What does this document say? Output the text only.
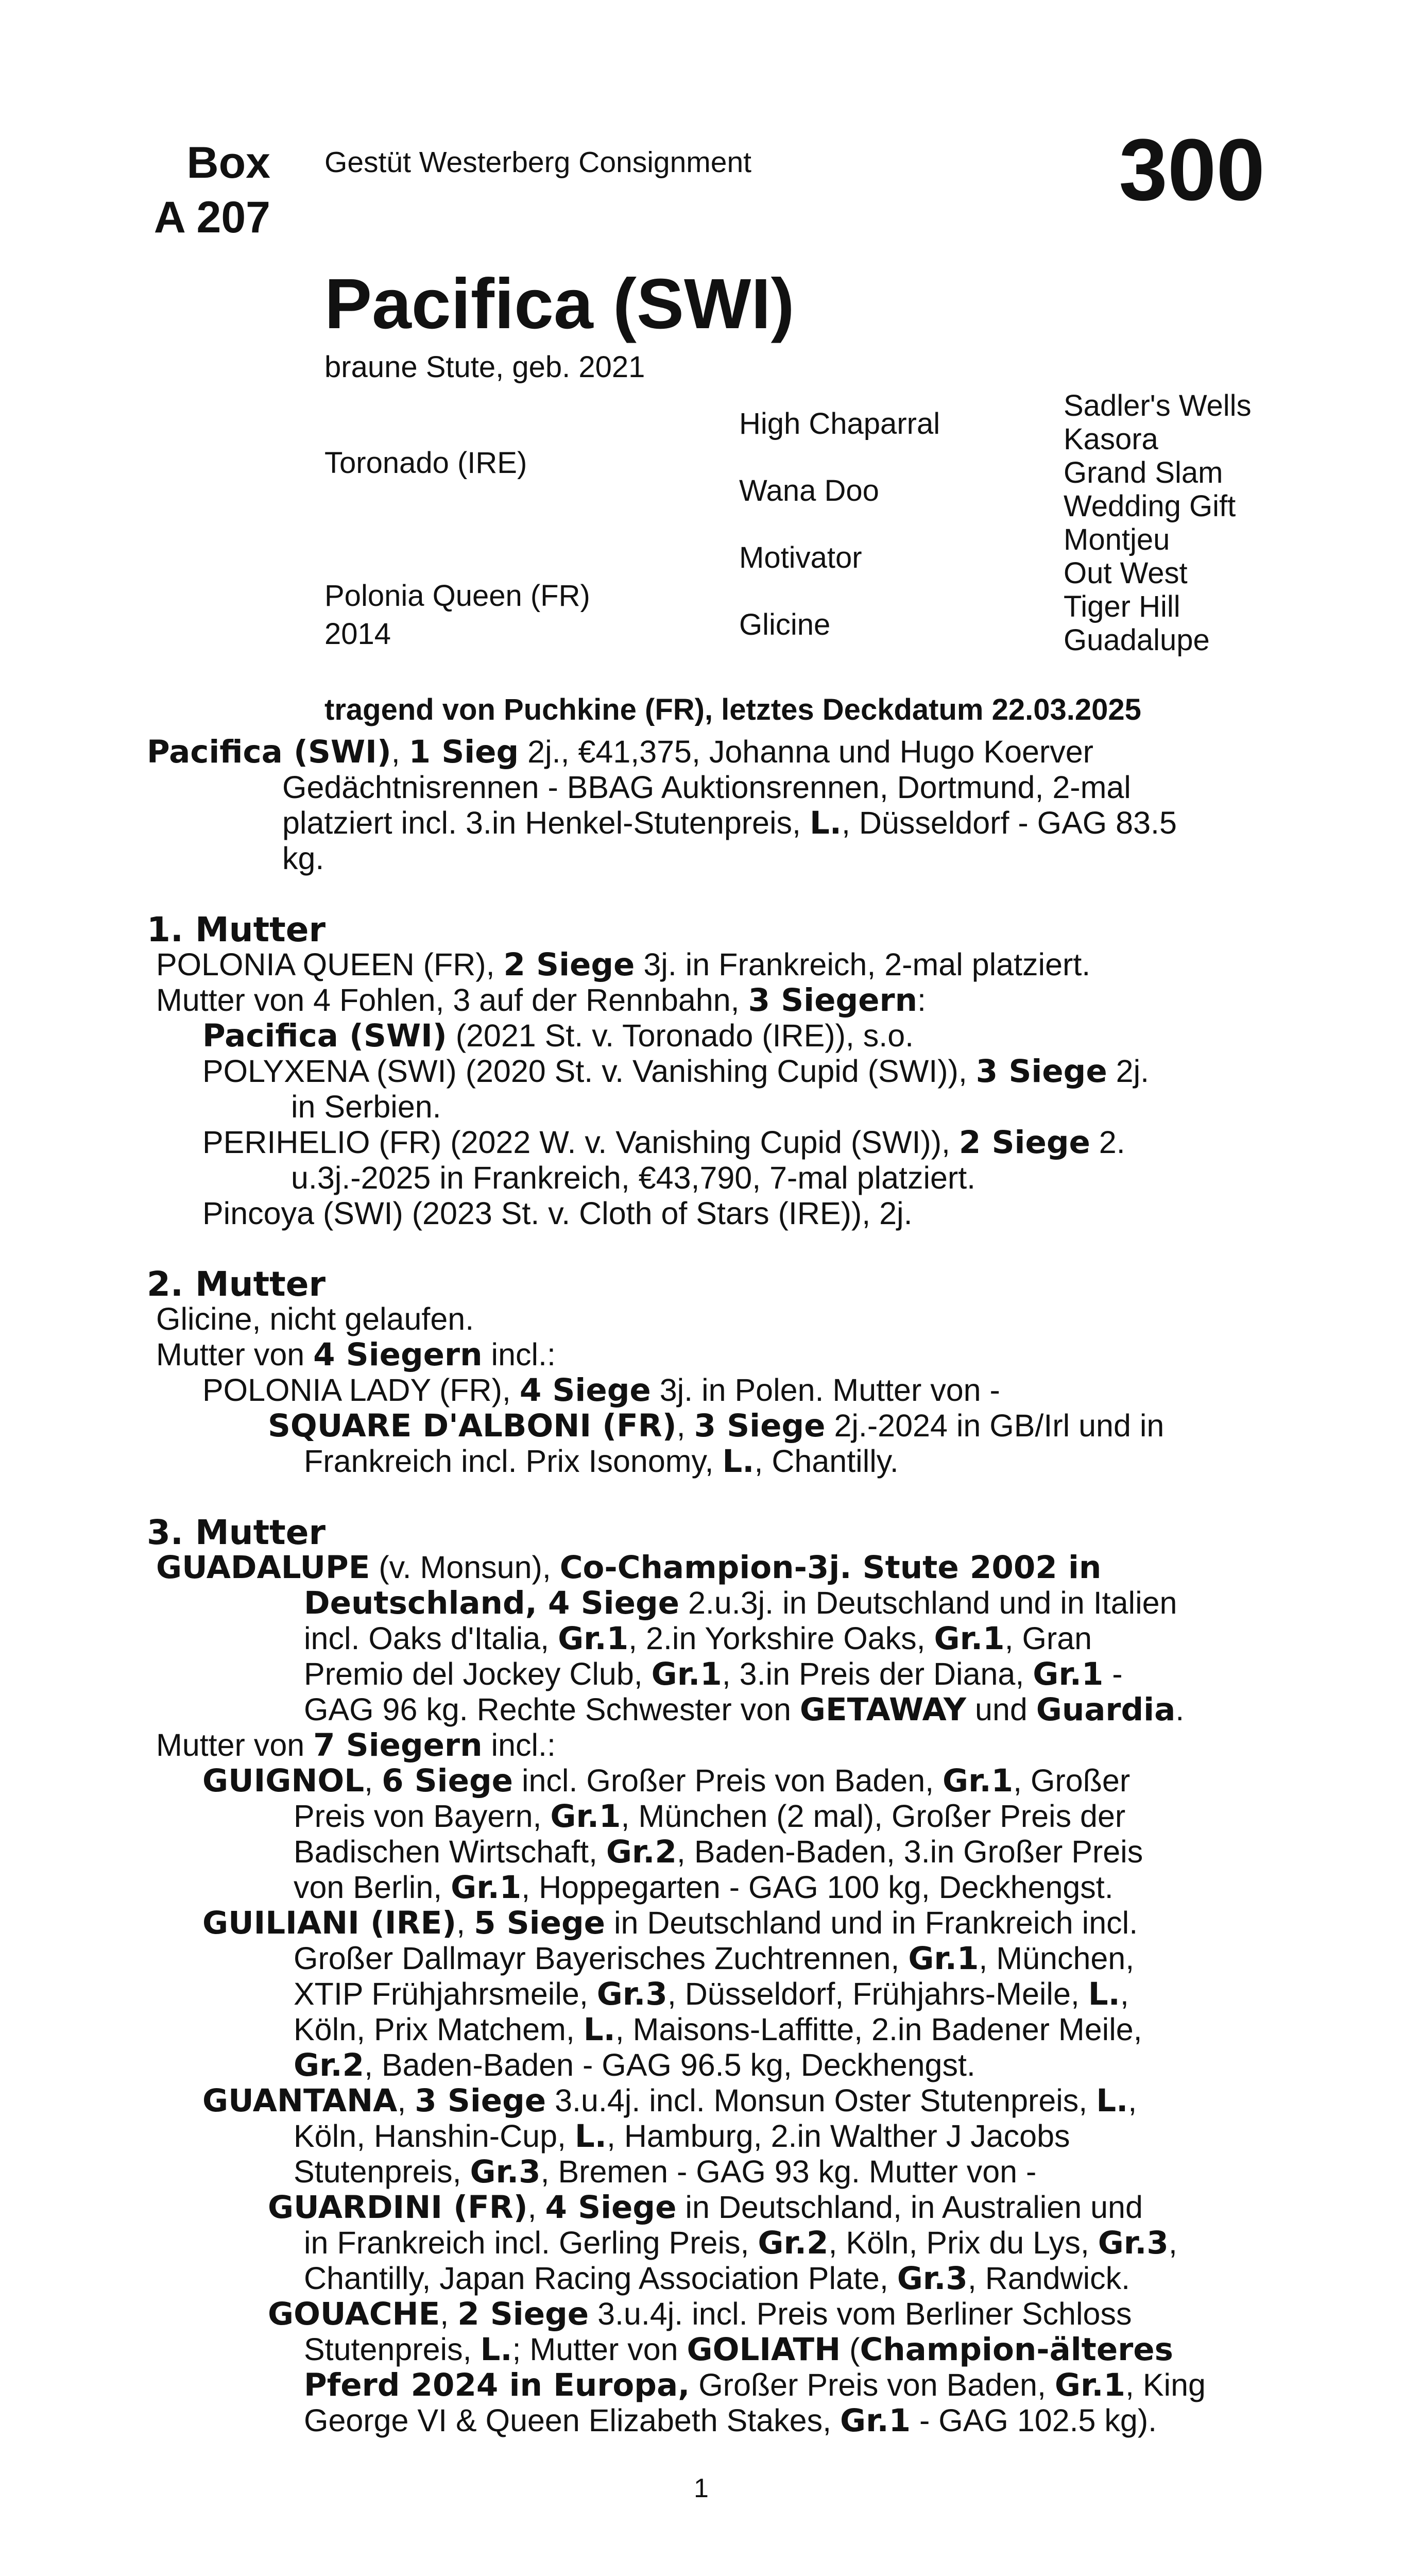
Box
A 207
Gestüt Westerberg Consignment	300
Pacifica (SWI)
braune Stute, geb. 2021
Toronado (IRE)
Polonia Queen (FR)
2014
High Chaparral
Wana Doo
Motivator
Glicine
Sadler's Wells
Kasora
Grand Slam
Wedding Gift
Montjeu
Out West
Tiger Hill
Guadalupe
tragend von Puchkine (FR), letztes Deckdatum 22.03.2025
Pacifica (SWI), 1 Sieg 2j., €41,375, Johanna und Hugo Koerver
Gedächtnisrennen - BBAG Auktionsrennen, Dortmund, 2-mal
platziert incl. 3.in Henkel-Stutenpreis, L., Düsseldorf - GAG 83.5
kg.
1. Mutter
POLONIA QUEEN (FR), 2 Siege 3j. in Frankreich, 2-mal platziert.
Mutter von 4 Fohlen, 3 auf der Rennbahn, 3 Siegern:
Pacifica (SWI) (2021 St. v. Toronado (IRE)), s.o.
POLYXENA (SWI) (2020 St. v. Vanishing Cupid (SWI)), 3 Siege 2j.
in Serbien.
PERIHELIO (FR) (2022 W. v. Vanishing Cupid (SWI)), 2 Siege 2.
u.3j.-2025 in Frankreich, €43,790, 7-mal platziert.
Pincoya (SWI) (2023 St. v. Cloth of Stars (IRE)), 2j.
2. Mutter
Glicine, nicht gelaufen.
Mutter von 4 Siegern incl.:
POLONIA LADY (FR), 4 Siege 3j. in Polen. Mutter von -
SQUARE D'ALBONI (FR), 3 Siege 2j.-2024 in GB/Irl und in
Frankreich incl. Prix Isonomy, L., Chantilly.
3. Mutter
GUADALUPE (v. Monsun), Co-Champion-3j. Stute 2002 in
Deutschland, 4 Siege 2.u.3j. in Deutschland und in Italien
incl. Oaks d'Italia, Gr.1, 2.in Yorkshire Oaks, Gr.1, Gran
Premio del Jockey Club, Gr.1, 3.in Preis der Diana, Gr.1 -
GAG 96 kg. Rechte Schwester von GETAWAY und Guardia.
Mutter von 7 Siegern incl.:
GUIGNOL, 6 Siege incl. Großer Preis von Baden, Gr.1, Großer
Preis von Bayern, Gr.1, München (2 mal), Großer Preis der
Badischen Wirtschaft, Gr.2, Baden-Baden, 3.in Großer Preis
von Berlin, Gr.1, Hoppegarten - GAG 100 kg, Deckhengst.
GUILIANI (IRE), 5 Siege in Deutschland und in Frankreich incl.
Großer Dallmayr Bayerisches Zuchtrennen, Gr.1, München,
XTIP Frühjahrsmeile, Gr.3, Düsseldorf, Frühjahrs-Meile, L.,
Köln, Prix Matchem, L., Maisons-Laffitte, 2.in Badener Meile,
Gr.2, Baden-Baden - GAG 96.5 kg, Deckhengst.
GUANTANA, 3 Siege 3.u.4j. incl. Monsun Oster Stutenpreis, L.,
Köln, Hanshin-Cup, L., Hamburg, 2.in Walther J Jacobs
Stutenpreis, Gr.3, Bremen - GAG 93 kg. Mutter von -
GUARDINI (FR), 4 Siege in Deutschland, in Australien und
in Frankreich incl. Gerling Preis, Gr.2, Köln, Prix du Lys, Gr.3,
Chantilly, Japan Racing Association Plate, Gr.3, Randwick.
GOUACHE, 2 Siege 3.u.4j. incl. Preis vom Berliner Schloss
Stutenpreis, L.; Mutter von GOLIATH (Champion-älteres
Pferd 2024 in Europa, Großer Preis von Baden, Gr.1, King
George VI & Queen Elizabeth Stakes, Gr.1 - GAG 102.5 kg).
1
